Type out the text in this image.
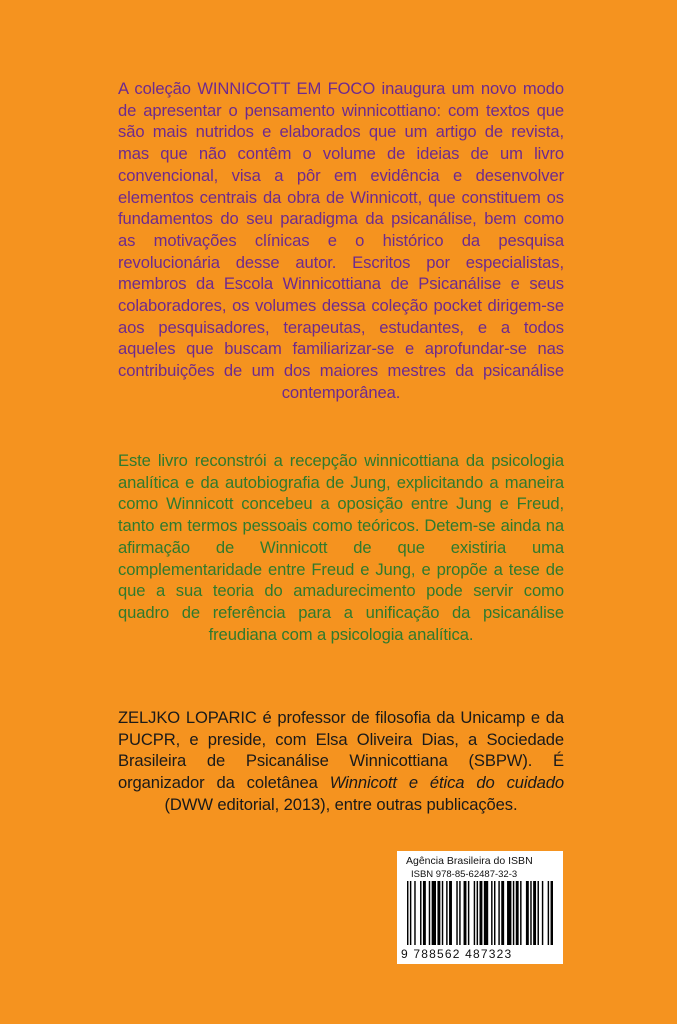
A coleção WINNICOTT EM FOCO inaugura um novo modo de apresentar o pensamento winnicottiano: com textos que são mais nutridos e elaborados que um artigo de revista, mas que não contêm o volume de ideias de um livro convencional, visa a pôr em evidência e desenvolver elementos centrais da obra de Winnicott, que constituem os fundamentos do seu paradigma da psicanálise, bem como as motivações clínicas e o histórico da pesquisa revolucionária desse autor. Escritos por especialistas, membros da Escola Winnicottiana de Psicanálise e seus colaboradores, os volumes dessa coleção pocket dirigem-se aos pesquisadores, terapeutas, estudantes, e a todos aqueles que buscam familiarizar-se e aprofundar-se nas contribuições de um dos maiores mestres da psicanálise contemporânea.
Este livro reconstrói a recepção winnicottiana da psicologia analítica e da autobiografia de Jung, explicitando a maneira como Winnicott concebeu a oposição entre Jung e Freud, tanto em termos pessoais como teóricos. Detem-se ainda na afirmação de Winnicott de que existiria uma complementaridade entre Freud e Jung, e propõe a tese de que a sua teoria do amadurecimento pode servir como quadro de referência para a unificação da psicanálise freudiana com a psicologia analítica.
ZELJKO LOPARIC é professor de filosofia da Unicamp e da PUCPR, e preside, com Elsa Oliveira Dias, a Sociedade Brasileira de Psicanálise Winnicottiana (SBPW). É organizador da coletânea Winnicott e ética do cuidado (DWW editorial, 2013), entre outras publicações.
Agência Brasileira do ISBN
ISBN 978-85-62487-32-3
9 788562 487323
